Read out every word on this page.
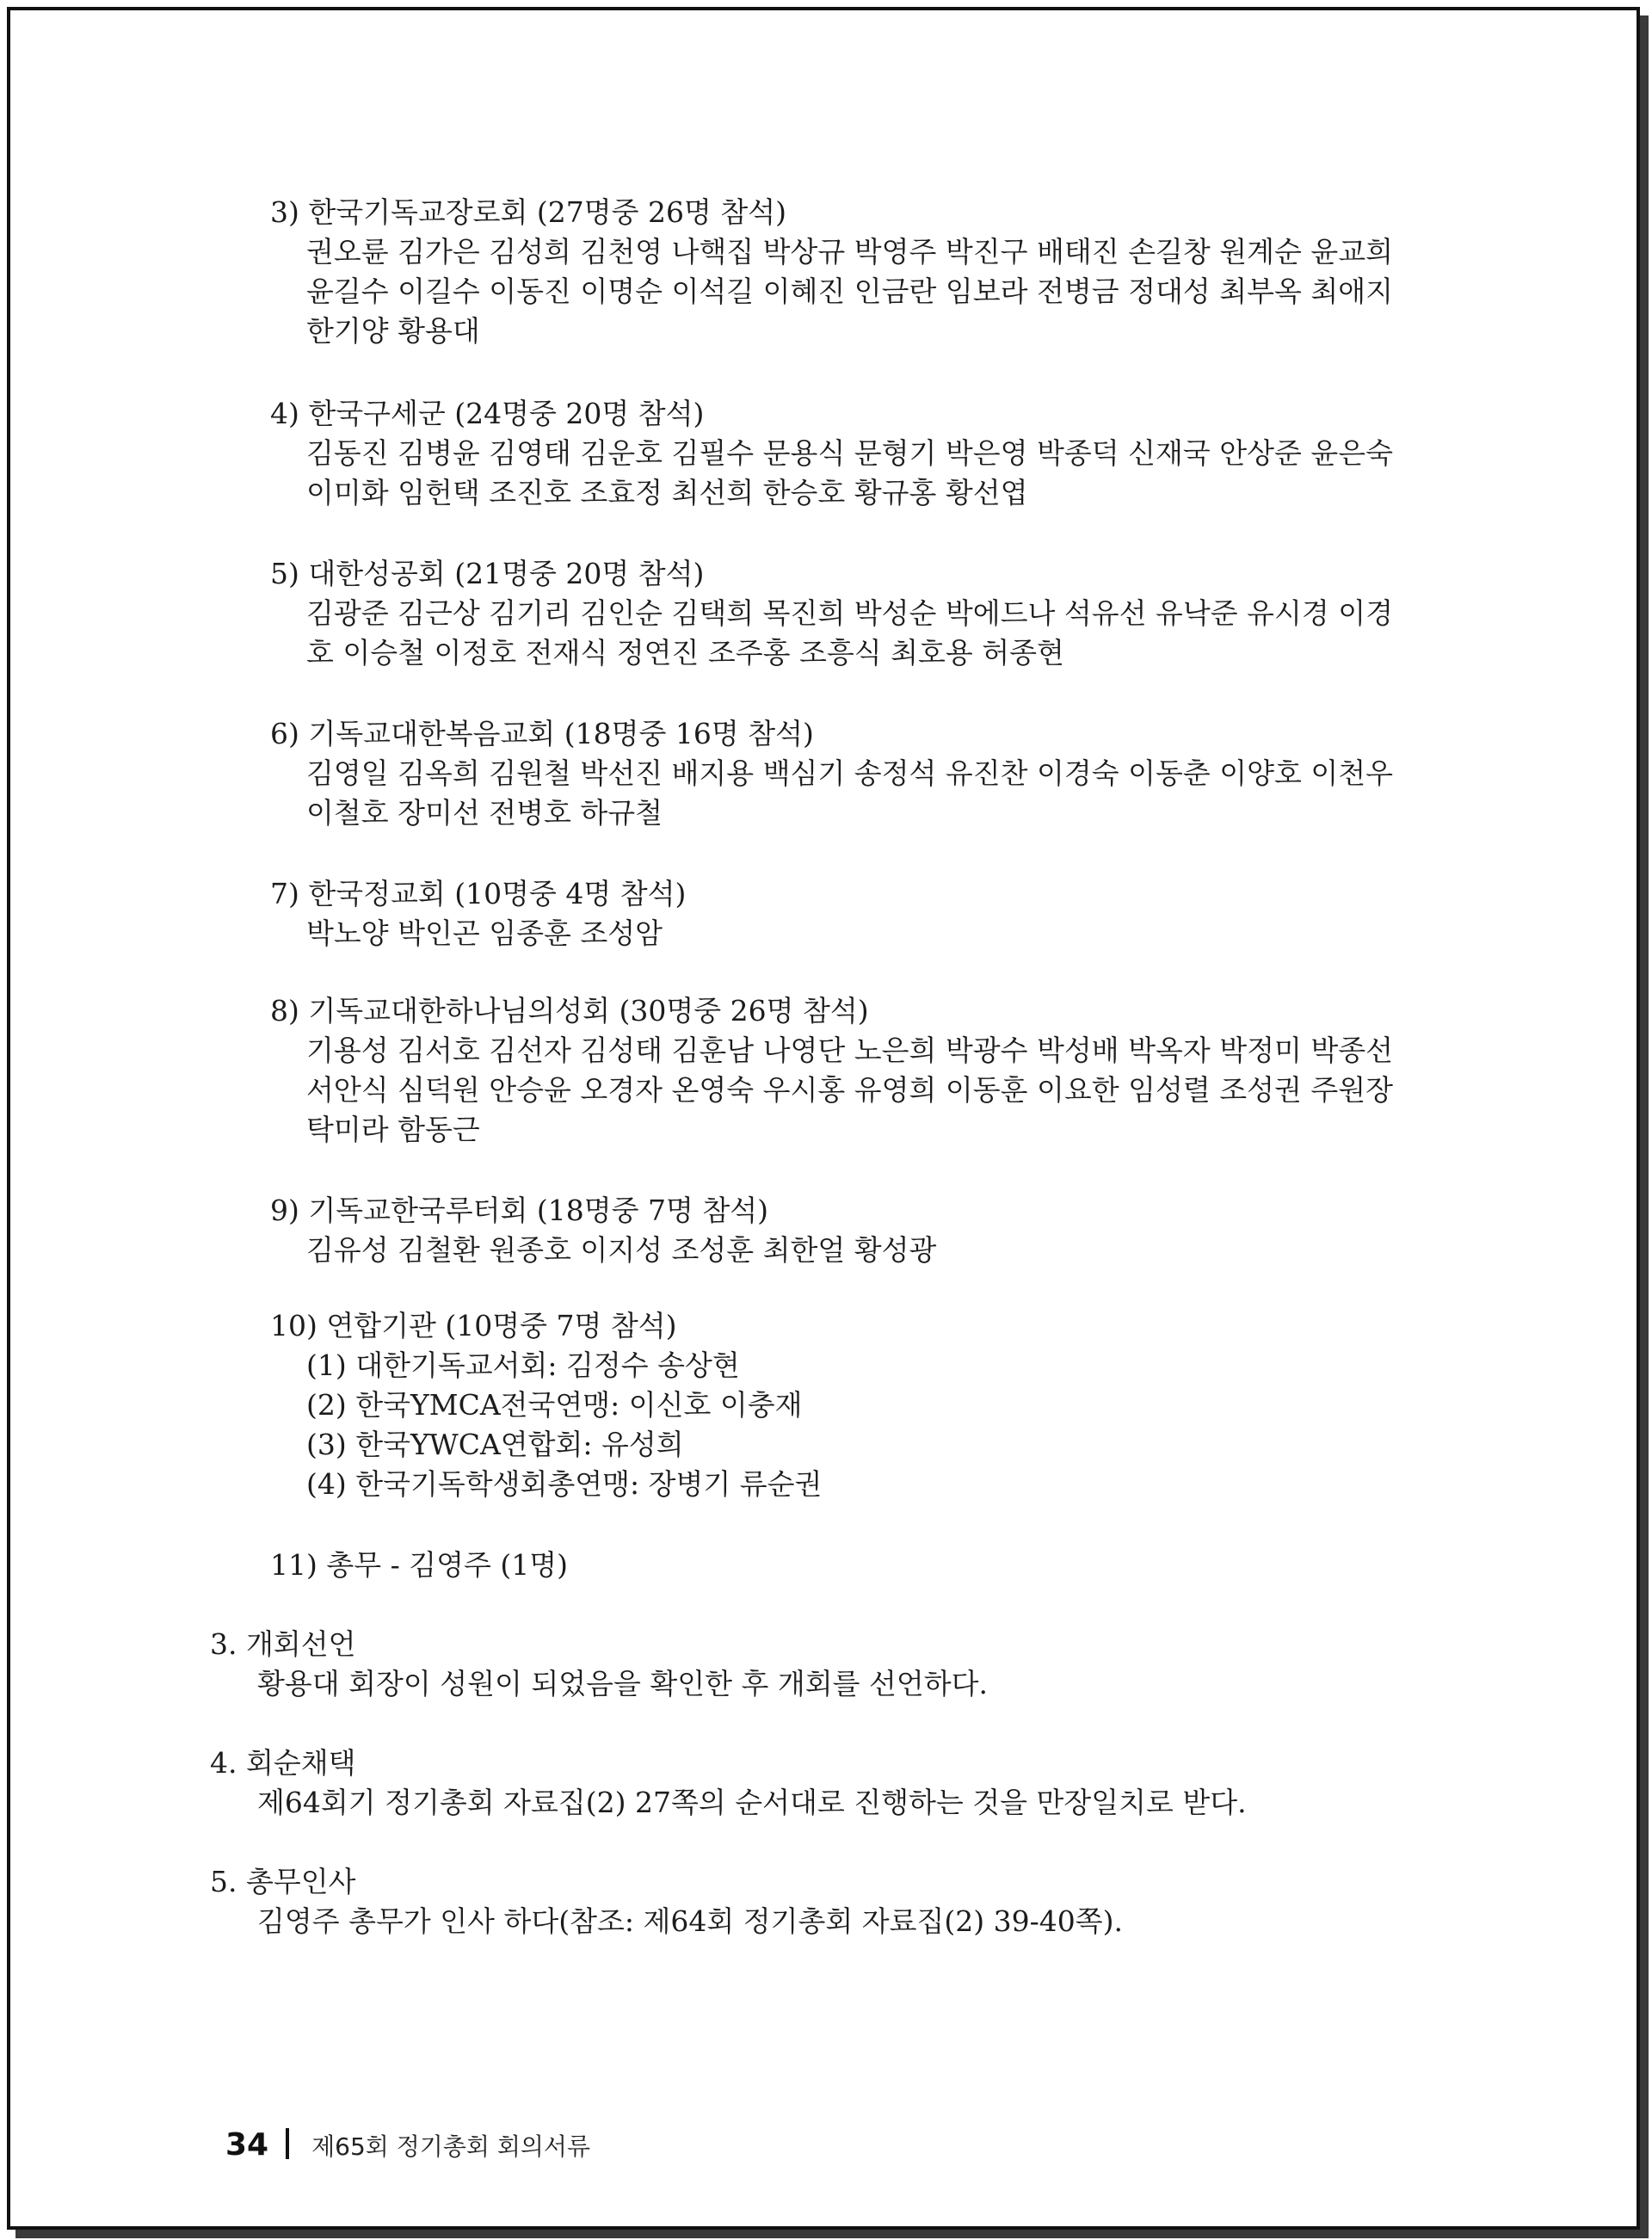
3) 한국기독교장로회 (27명중 26명 참석)
권오륜 김가은 김성희 김천영 나핵집 박상규 박영주 박진구 배태진 손길창 원계순 윤교희 윤길수 이길수 이동진 이명순 이석길 이혜진 인금란 임보라 전병금 정대성 최부옥 최애지 한기양 황용대
4) 한국구세군 (24명중 20명 참석)
김동진 김병윤 김영태 김운호 김필수 문용식 문형기 박은영 박종덕 신재국 안상준 윤은숙 이미화 임헌택 조진호 조효정 최선희 한승호 황규홍 황선엽
5) 대한성공회 (21명중 20명 참석)
김광준 김근상 김기리 김인순 김택희 목진희 박성순 박에드나 석유선 유낙준 유시경 이경호 이승철 이정호 전재식 정연진 조주홍 조흥식 최호용 허종현
6) 기독교대한복음교회 (18명중 16명 참석)
김영일 김옥희 김원철 박선진 배지용 백심기 송정석 유진찬 이경숙 이동춘 이양호 이천우 이철호 장미선 전병호 하규철
7) 한국정교회 (10명중 4명 참석)
박노양 박인곤 임종훈 조성암
8) 기독교대한하나님의성회 (30명중 26명 참석)
기용성 김서호 김선자 김성태 김훈남 나영단 노은희 박광수 박성배 박옥자 박정미 박종선 서안식 심덕원 안승윤 오경자 온영숙 우시홍 유영희 이동훈 이요한 임성렬 조성권 주원장 탁미라 함동근
9) 기독교한국루터회 (18명중 7명 참석)
김유성 김철환 원종호 이지성 조성훈 최한얼 황성광
10) 연합기관 (10명중 7명 참석)
(1) 대한기독교서회: 김정수 송상현
(2) 한국YMCA전국연맹: 이신호 이충재
(3) 한국YWCA연합회: 유성희
(4) 한국기독학생회총연맹: 장병기 류순권
11) 총무 - 김영주 (1명)
3. 개회선언
황용대 회장이 성원이 되었음을 확인한 후 개회를 선언하다.
4. 회순채택
제64회기 정기총회 자료집(2) 27쪽의 순서대로 진행하는 것을 만장일치로 받다.
5. 총무인사
김영주 총무가 인사 하다(참조: 제64회 정기총회 자료집(2) 39-40쪽).
34 제65회 정기총회 회의서류
